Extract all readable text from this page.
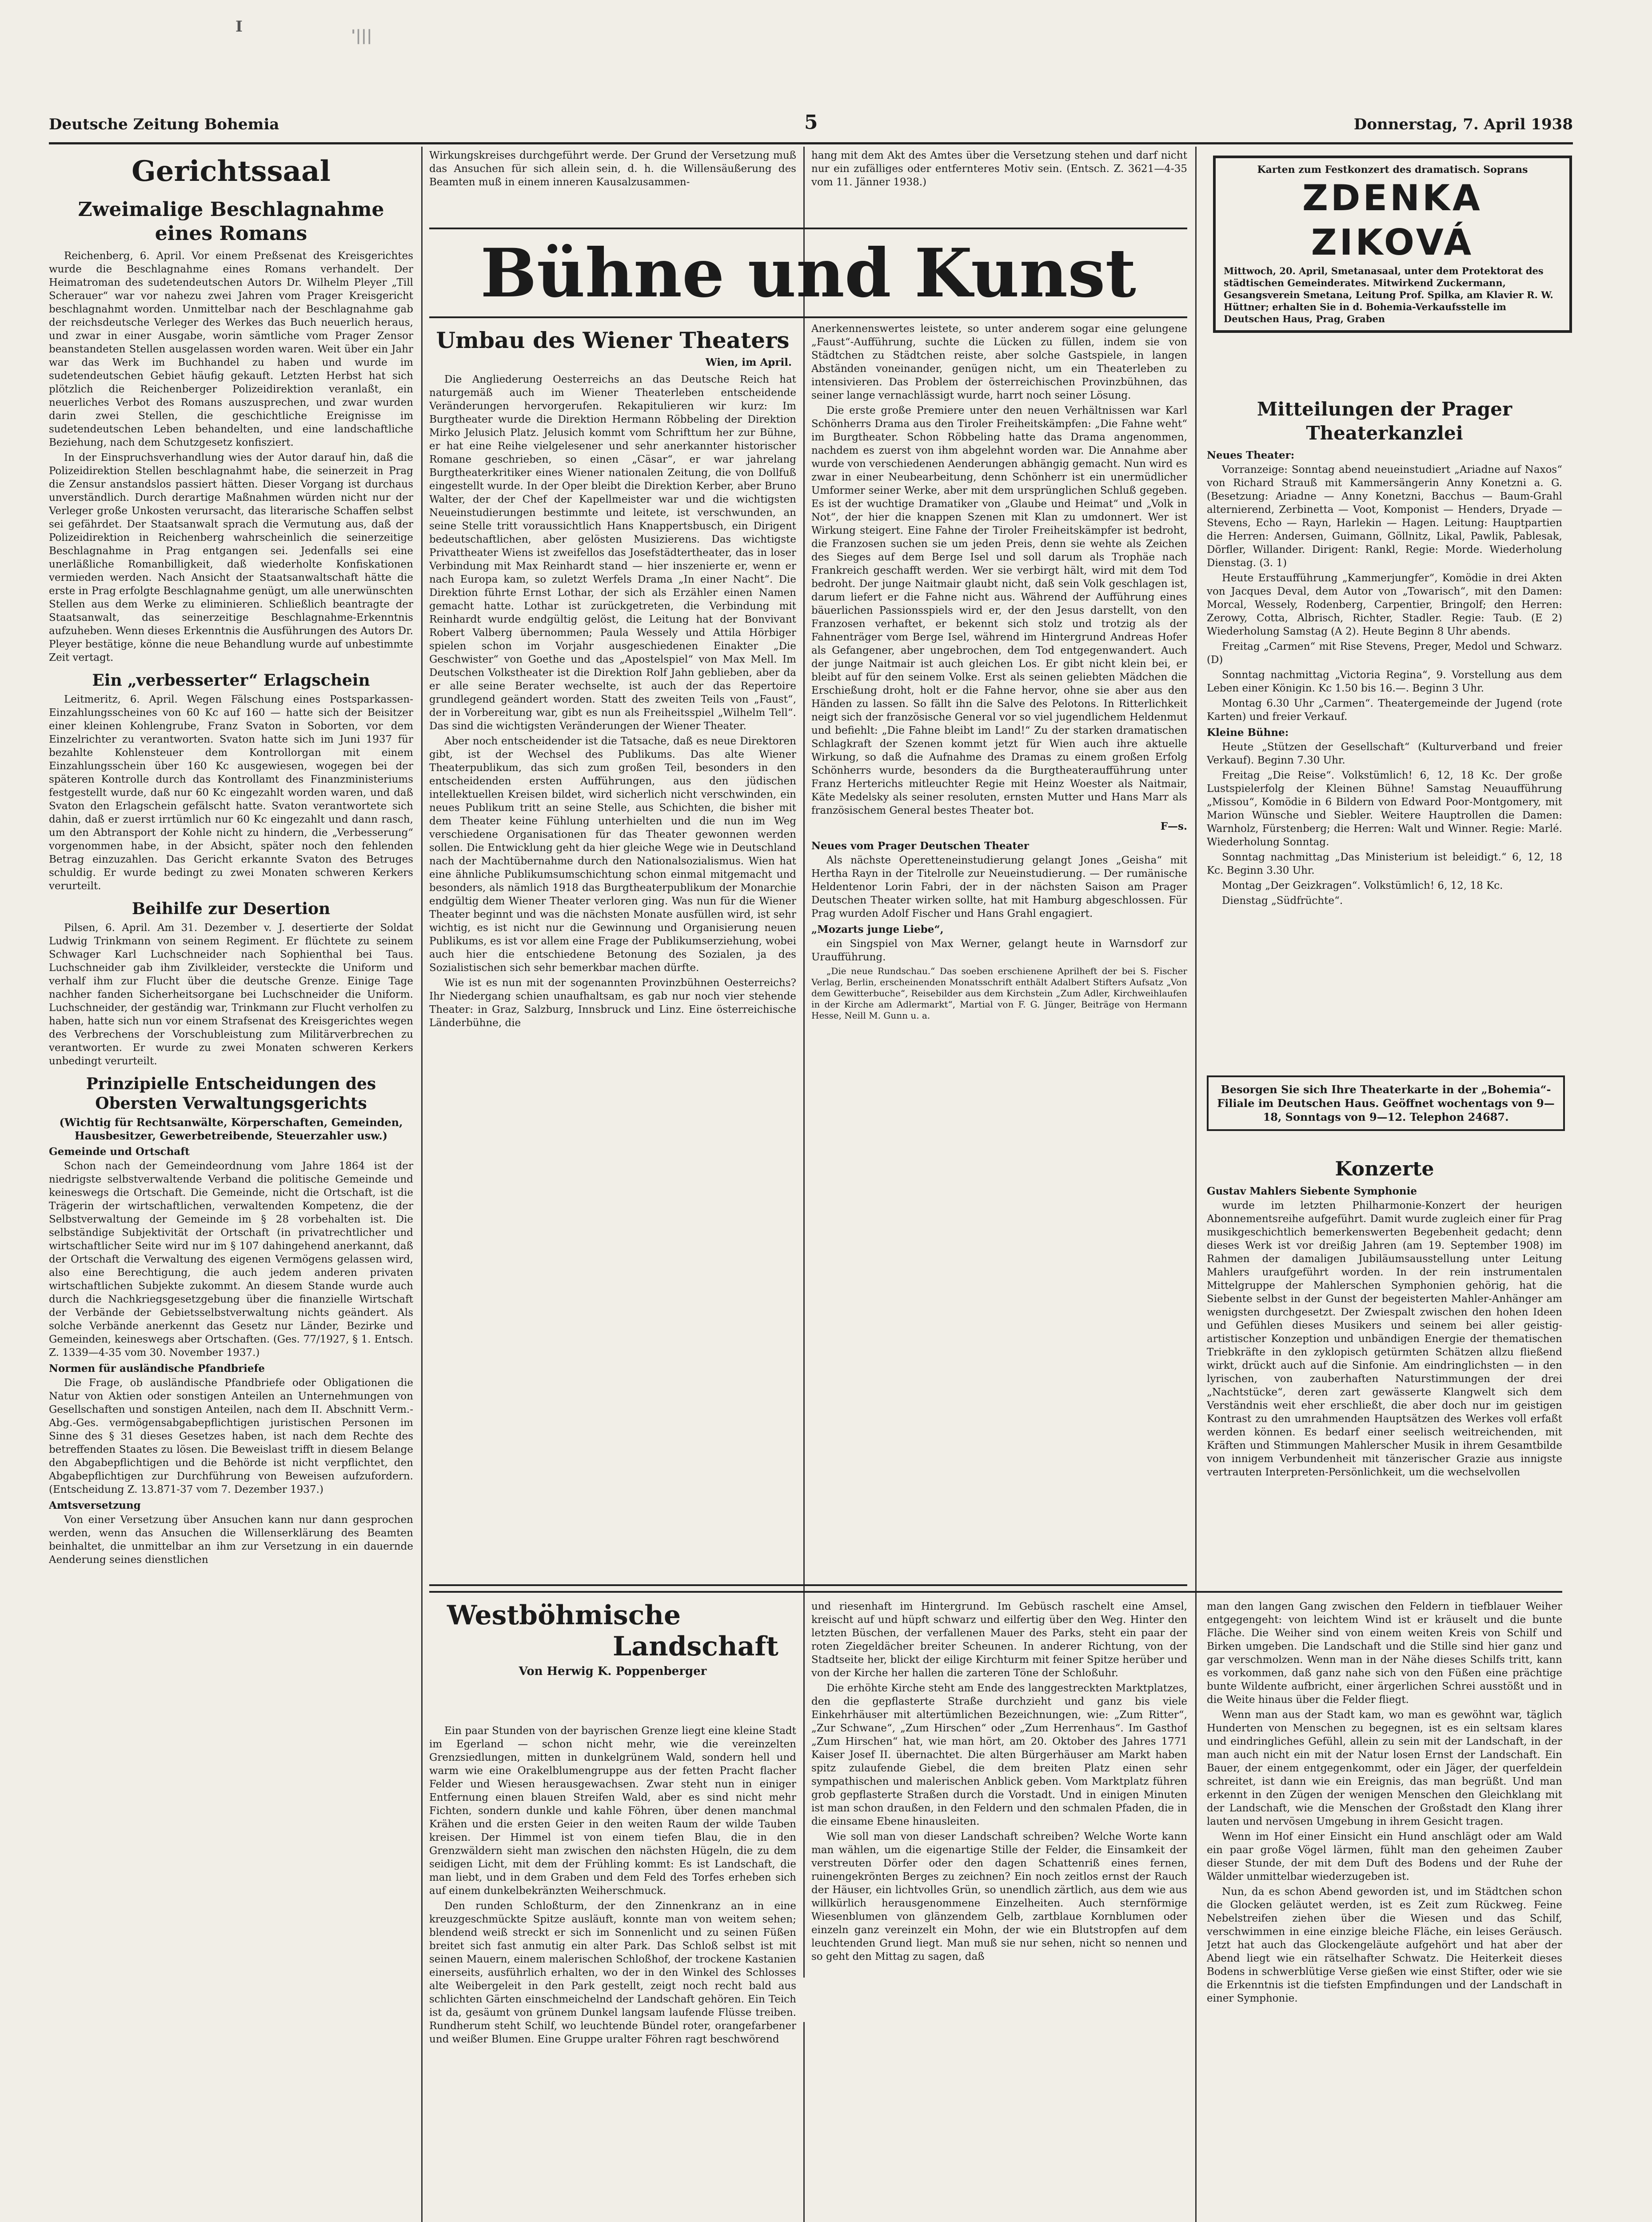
I	'|||
Deutsche Zeitung Bohemia	5	Donnerstag, 7. April 1938
Gerichtssaal
Zweimalige Beschlagnahme eines Romans

Reichenberg, 6. April. Vor einem Preßsenat des Kreisgerichtes wurde die Beschlagnahme eines Romans verhandelt. Der Heimatroman des sudetendeutschen Autors Dr. Wilhelm Pleyer „Till Scherauer“ war vor nahezu zwei Jahren vom Prager Kreisgericht beschlagnahmt worden. Unmittelbar nach der Beschlagnahme gab der reichsdeutsche Verleger des Werkes das Buch neuerlich heraus, und zwar in einer Ausgabe, worin sämtliche vom Prager Zensor beanstandeten Stellen ausgelassen worden waren. Weit über ein Jahr war das Werk im Buchhandel zu haben und wurde im sudetendeutschen Gebiet häufig gekauft. Letzten Herbst hat sich plötzlich die Reichenberger Polizeidirektion veranlaßt, ein neuerliches Verbot des Romans auszusprechen, und zwar wurden darin zwei Stellen, die geschichtliche Ereignisse im sudetendeutschen Leben behandelten, und eine landschaftliche Beziehung, nach dem Schutzgesetz konfisziert.

In der Einspruchsverhandlung wies der Autor darauf hin, daß die Polizeidirektion Stellen beschlagnahmt habe, die seinerzeit in Prag die Zensur anstandslos passiert hätten. Dieser Vorgang ist durchaus unverständlich. Durch derartige Maßnahmen würden nicht nur der Verleger große Unkosten verursacht, das literarische Schaffen selbst sei gefährdet. Der Staatsanwalt sprach die Vermutung aus, daß der Polizeidirektion in Reichenberg wahrscheinlich die seinerzeitige Beschlagnahme in Prag entgangen sei. Jedenfalls sei eine unerläßliche Romanbilligkeit, daß wiederholte Konfiskationen vermieden werden. Nach Ansicht der Staatsanwaltschaft hätte die erste in Prag erfolgte Beschlagnahme genügt, um alle unerwünschten Stellen aus dem Werke zu eliminieren. Schließlich beantragte der Staatsanwalt, das seinerzeitige Beschlagnahme-Erkenntnis aufzuheben. Wenn dieses Erkenntnis die Ausführungen des Autors Dr. Pleyer bestätige, könne die neue Behandlung wurde auf unbestimmte Zeit vertagt.

Ein „verbesserter“ Erlagschein

Leitmeritz, 6. April. Wegen Fälschung eines Postsparkassen-Einzahlungsscheines von 60 Kc auf 160 — hatte sich der Beisitzer einer kleinen Kohlengrube, Franz Svaton in Soborten, vor dem Einzelrichter zu verantworten. Svaton hatte sich im Juni 1937 für bezahlte Kohlensteuer dem Kontrollorgan mit einem Einzahlungsschein über 160 Kc ausgewiesen, wogegen bei der späteren Kontrolle durch das Kontrollamt des Finanzministeriums festgestellt wurde, daß nur 60 Kc eingezahlt worden waren, und daß Svaton den Erlagschein gefälscht hatte. Svaton verantwortete sich dahin, daß er zuerst irrtümlich nur 60 Kc eingezahlt und dann rasch, um den Abtransport der Kohle nicht zu hindern, die „Verbesserung“ vorgenommen habe, in der Absicht, später noch den fehlenden Betrag einzuzahlen. Das Gericht erkannte Svaton des Betruges schuldig. Er wurde bedingt zu zwei Monaten schweren Kerkers verurteilt.

Beihilfe zur Desertion

Pilsen, 6. April. Am 31. Dezember v. J. desertierte der Soldat Ludwig Trinkmann von seinem Regiment. Er flüchtete zu seinem Schwager Karl Luchschneider nach Sophienthal bei Taus. Luchschneider gab ihm Zivilkleider, versteckte die Uniform und verhalf ihm zur Flucht über die deutsche Grenze. Einige Tage nachher fanden Sicherheitsorgane bei Luchschneider die Uniform. Luchschneider, der geständig war, Trinkmann zur Flucht verholfen zu haben, hatte sich nun vor einem Strafsenat des Kreisgerichtes wegen des Verbrechens der Vorschubleistung zum Militärverbrechen zu verantworten. Er wurde zu zwei Monaten schweren Kerkers unbedingt verurteilt.

Prinzipielle Entscheidungen des Obersten Verwaltungsgerichts
(Wichtig für Rechtsanwälte, Körperschaften, Gemeinden, Hausbesitzer, Gewerbetreibende, Steuerzahler usw.)
Gemeinde und Ortschaft

Schon nach der Gemeindeordnung vom Jahre 1864 ist der niedrigste selbstverwaltende Verband die politische Gemeinde und keineswegs die Ortschaft. Die Gemeinde, nicht die Ortschaft, ist die Trägerin der wirtschaftlichen, verwaltenden Kompetenz, die der Selbstverwaltung der Gemeinde im § 28 vorbehalten ist. Die selbständige Subjektivität der Ortschaft (in privatrechtlicher und wirtschaftlicher Seite wird nur im § 107 dahingehend anerkannt, daß der Ortschaft die Verwaltung des eigenen Vermögens gelassen wird, also eine Berechtigung, die auch jedem anderen privaten wirtschaftlichen Subjekte zukommt. An diesem Stande wurde auch durch die Nachkriegsgesetzgebung über die finanzielle Wirtschaft der Verbände der Gebietsselbstverwaltung nichts geändert. Als solche Verbände anerkennt das Gesetz nur Länder, Bezirke und Gemeinden, keineswegs aber Ortschaften. (Ges. 77/1927, § 1. Entsch. Z. 1339—4-35 vom 30. November 1937.)

Normen für ausländische Pfandbriefe

Die Frage, ob ausländische Pfandbriefe oder Obligationen die Natur von Aktien oder sonstigen Anteilen an Unternehmungen von Gesellschaften und sonstigen Anteilen, nach dem II. Abschnitt Verm.-Abg.-Ges. vermögensabgabepflichtigen juristischen Personen im Sinne des § 31 dieses Gesetzes haben, ist nach dem Rechte des betreffenden Staates zu lösen. Die Beweislast trifft in diesem Belange den Abgabepflichtigen und die Behörde ist nicht verpflichtet, den Abgabepflichtigen zur Durchführung von Beweisen aufzufordern. (Entscheidung Z. 13.871-37 vom 7. Dezember 1937.)

Amtsversetzung

Von einer Versetzung über Ansuchen kann nur dann gesprochen werden, wenn das Ansuchen die Willenserklärung des Beamten beinhaltet, die unmittelbar an ihm zur Versetzung in ein dauernde Aenderung seines dienstlichen

Wirkungskreises durchgeführt werde. Der Grund der Versetzung muß das Ansuchen für sich allein sein, d. h. die Willensäußerung des Beamten muß in einem inneren Kausalzusammen-

hang mit dem Akt des Amtes über die Versetzung stehen und darf nicht nur ein zufälliges oder entfernteres Motiv sein. (Entsch. Z. 3621—4-35 vom 11. Jänner 1938.)

Bühne und Kunst
Umbau des Wiener Theaters
Wien, im April.

Die Angliederung Oesterreichs an das Deutsche Reich hat naturgemäß auch im Wiener Theaterleben entscheidende Veränderungen hervorgerufen. Rekapitulieren wir kurz: Im Burgtheater wurde die Direktion Hermann Röbbeling der Direktion Mirko Jelusich Platz. Jelusich kommt vom Schrifttum her zur Bühne, er hat eine Reihe vielgelesener und sehr anerkannter historischer Romane geschrieben, so einen „Cäsar“, er war jahrelang Burgtheaterkritiker eines Wiener nationalen Zeitung, die von Dollfuß eingestellt wurde. In der Oper bleibt die Direktion Kerber, aber Bruno Walter, der der Chef der Kapellmeister war und die wichtigsten Neueinstudierungen bestimmte und leitete, ist verschwunden, an seine Stelle tritt voraussichtlich Hans Knappertsbusch, ein Dirigent bedeutschaftlichen, aber gelösten Musizierens. Das wichtigste Privattheater Wiens ist zweifellos das Josefstädtertheater, das in loser Verbindung mit Max Reinhardt stand — hier inszenierte er, wenn er nach Europa kam, so zuletzt Werfels Drama „In einer Nacht“. Die Direktion führte Ernst Lothar, der sich als Erzähler einen Namen gemacht hatte. Lothar ist zurückgetreten, die Verbindung mit Reinhardt wurde endgültig gelöst, die Leitung hat der Bonvivant Robert Valberg übernommen; Paula Wessely und Attila Hörbiger spielen schon im Vorjahr ausgeschiedenen Einakter „Die Geschwister“ von Goethe und das „Apostelspiel“ von Max Mell. Im Deutschen Volkstheater ist die Direktion Rolf Jahn geblieben, aber da er alle seine Berater wechselte, ist auch der das Repertoire grundlegend geändert worden. Statt des zweiten Teils von „Faust“, der in Vorbereitung war, gibt es nun als Freiheitsspiel „Wilhelm Tell“. Das sind die wichtigsten Veränderungen der Wiener Theater.

Aber noch entscheidender ist die Tatsache, daß es neue Direktoren gibt, ist der Wechsel des Publikums. Das alte Wiener Theaterpublikum, das sich zum großen Teil, besonders in den entscheidenden ersten Aufführungen, aus den jüdischen intellektuellen Kreisen bildet, wird sicherlich nicht verschwinden, ein neues Publikum tritt an seine Stelle, aus Schichten, die bisher mit dem Theater keine Fühlung unterhielten und die nun im Weg verschiedene Organisationen für das Theater gewonnen werden sollen. Die Entwicklung geht da hier gleiche Wege wie in Deutschland nach der Machtübernahme durch den Nationalsozialismus. Wien hat eine ähnliche Publikumsumschichtung schon einmal mitgemacht und besonders, als nämlich 1918 das Burgtheaterpublikum der Monarchie endgültig dem Wiener Theater verloren ging. Was nun für die Wiener Theater beginnt und was die nächsten Monate ausfüllen wird, ist sehr wichtig, es ist nicht nur die Gewinnung und Organisierung neuen Publikums, es ist vor allem eine Frage der Publikumserziehung, wobei auch hier die entschiedene Betonung des Sozialen, ja des Sozialistischen sich sehr bemerkbar machen dürfte.

Wie ist es nun mit der sogenannten Provinzbühnen Oesterreichs? Ihr Niedergang schien unaufhaltsam, es gab nur noch vier stehende Theater: in Graz, Salzburg, Innsbruck und Linz. Eine österreichische Länderbühne, die

Anerkennenswertes leistete, so unter anderem sogar eine gelungene „Faust“-Aufführung, suchte die Lücken zu füllen, indem sie von Städtchen zu Städtchen reiste, aber solche Gastspiele, in langen Abständen voneinander, genügen nicht, um ein Theaterleben zu intensivieren. Das Problem der österreichischen Provinzbühnen, das seiner lange vernachlässigt wurde, harrt noch seiner Lösung.

Die erste große Premiere unter den neuen Verhältnissen war Karl Schönherrs Drama aus den Tiroler Freiheitskämpfen: „Die Fahne weht“ im Burgtheater. Schon Röbbeling hatte das Drama angenommen, nachdem es zuerst von ihm abgelehnt worden war. Die Annahme aber wurde von verschiedenen Aenderungen abhängig gemacht. Nun wird es zwar in einer Neubearbeitung, denn Schönherr ist ein unermüdlicher Umformer seiner Werke, aber mit dem ursprünglichen Schluß gegeben. Es ist der wuchtige Dramatiker von „Glaube und Heimat“ und „Volk in Not“, der hier die knappen Szenen mit Klan zu umdonnert. Wer ist Wirkung steigert. Eine Fahne der Tiroler Freiheitskämpfer ist bedroht, die Franzosen suchen sie um jeden Preis, denn sie wehte als Zeichen des Sieges auf dem Berge Isel und soll darum als Trophäe nach Frankreich geschafft werden. Wer sie verbirgt hält, wird mit dem Tod bedroht. Der junge Naitmair glaubt nicht, daß sein Volk geschlagen ist, darum liefert er die Fahne nicht aus. Während der Aufführung eines bäuerlichen Passionsspiels wird er, der den Jesus darstellt, von den Franzosen verhaftet, er bekennt sich stolz und trotzig als der Fahnenträger vom Berge Isel, während im Hintergrund Andreas Hofer als Gefangener, aber ungebrochen, dem Tod entgegenwandert. Auch der junge Naitmair ist auch gleichen Los. Er gibt nicht klein bei, er bleibt auf für den seinem Volke. Erst als seinen geliebten Mädchen die Erschießung droht, holt er die Fahne hervor, ohne sie aber aus den Händen zu lassen. So fällt ihn die Salve des Pelotons. In Ritterlichkeit neigt sich der französische General vor so viel jugendlichem Heldenmut und befiehlt: „Die Fahne bleibt im Land!“ Zu der starken dramatischen Schlagkraft der Szenen kommt jetzt für Wien auch ihre aktuelle Wirkung, so daß die Aufnahme des Dramas zu einem großen Erfolg Schönherrs wurde, besonders da die Burgtheateraufführung unter Franz Herterichs mitleuchter Regie mit Heinz Woester als Naitmair, Käte Medelsky als seiner resoluten, ernsten Mutter und Hans Marr als französischem General bestes Theater bot.

F—s.
Neues vom Prager Deutschen Theater

Als nächste Operetteneinstudierung gelangt Jones „Geisha“ mit Hertha Rayn in der Titelrolle zur Neueinstudierung. — Der rumänische Heldentenor Lorin Fabri, der in der nächsten Saison am Prager Deutschen Theater wirken sollte, hat mit Hamburg abgeschlossen. Für Prag wurden Adolf Fischer und Hans Grahl engagiert.

„Mozarts junge Liebe“,

ein Singspiel von Max Werner, gelangt heute in Warnsdorf zur Uraufführung.

„Die neue Rundschau.“ Das soeben erschienene Aprilheft der bei S. Fischer Verlag, Berlin, erscheinenden Monatsschrift enthält Adalbert Stifters Aufsatz „Von dem Gewitterbuche“, Reisebilder aus dem Kirchstein „Zum Adler, Kirchweihlaufen in der Kirche am Adlermarkt“, Martial von F. G. Jünger, Beiträge von Hermann Hesse, Neill M. Gunn u. a.

Karten zum Festkonzert des dramatisch. Soprans
ZDENKA ZIKOVÁ
Mittwoch, 20. April, Smetanasaal, unter dem Protektorat des städtischen Gemeinderates. Mitwirkend Zuckermann, Gesangsverein Smetana, Leitung Prof. Spilka, am Klavier R. W. Hüttner; erhalten Sie in d. Bohemia-Verkaufsstelle im Deutschen Haus, Prag, Graben
Mitteilungen der Prager Theaterkanzlei
Neues Theater:

Vorranzeige: Sonntag abend neueinstudiert „Ariadne auf Naxos“ von Richard Strauß mit Kammersängerin Anny Konetzni a. G. (Besetzung: Ariadne — Anny Konetzni, Bacchus — Baum-Grahl alternierend, Zerbinetta — Voot, Komponist — Henders, Dryade — Stevens, Echo — Rayn, Harlekin — Hagen. Leitung: Hauptpartien die Herren: Andersen, Guimann, Göllnitz, Likal, Pawlik, Pablesak, Dörfler, Willander. Dirigent: Rankl, Regie: Morde. Wiederholung Dienstag. (3. 1)

Heute Erstaufführung „Kammerjungfer“, Komödie in drei Akten von Jacques Deval, dem Autor von „Towarisch“, mit den Damen: Morcal, Wessely, Rodenberg, Carpentier, Bringolf; den Herren: Zerowy, Cotta, Albrisch, Richter, Stadler. Regie: Taub. (E 2) Wiederholung Samstag (A 2). Heute Beginn 8 Uhr abends.

Freitag „Carmen“ mit Rise Stevens, Preger, Medol und Schwarz. (D)

Sonntag nachmittag „Victoria Regina“, 9. Vorstellung aus dem Leben einer Königin. Kc 1.50 bis 16.—. Beginn 3 Uhr.

Montag 6.30 Uhr „Carmen“. Theatergemeinde der Jugend (rote Karten) und freier Verkauf.

Kleine Bühne:

Heute „Stützen der Gesellschaft“ (Kulturverband und freier Verkauf). Beginn 7.30 Uhr.

Freitag „Die Reise“. Volkstümlich! 6, 12, 18 Kc. Der große Lustspielerfolg der Kleinen Bühne! Samstag Neuaufführung „Missou“, Komödie in 6 Bildern von Edward Poor-Montgomery, mit Marion Wünsche und Siebler. Weitere Hauptrollen die Damen: Warnholz, Fürstenberg; die Herren: Walt und Winner. Regie: Marlé. Wiederholung Sonntag.

Sonntag nachmittag „Das Ministerium ist beleidigt.“ 6, 12, 18 Kc. Beginn 3.30 Uhr.

Montag „Der Geizkragen“. Volkstümlich! 6, 12, 18 Kc.

Dienstag „Südfrüchte“.

Besorgen Sie sich Ihre Theaterkarte in der „Bohemia“-Filiale im Deutschen Haus. Geöffnet wochentags von 9—18, Sonntags von 9—12. Telephon 24687.
Konzerte
Gustav Mahlers Siebente Symphonie

wurde im letzten Philharmonie-Konzert der heurigen Abonnementsreihe aufgeführt. Damit wurde zugleich einer für Prag musikgeschichtlich bemerkenswerten Begebenheit gedacht; denn dieses Werk ist vor dreißig Jahren (am 19. September 1908) im Rahmen der damaligen Jubiläumsausstellung unter Leitung Mahlers uraufgeführt worden. In der rein instrumentalen Mittelgruppe der Mahlerschen Symphonien gehörig, hat die Siebente selbst in der Gunst der begeisterten Mahler-Anhänger am wenigsten durchgesetzt. Der Zwiespalt zwischen den hohen Ideen und Gefühlen dieses Musikers und seinem bei aller geistig-artistischer Konzeption und unbändigen Energie der thematischen Triebkräfte in den zyklopisch getürmten Schätzen allzu fließend wirkt, drückt auch auf die Sinfonie. Am eindringlichsten — in den lyrischen, von zauberhaften Naturstimmungen der drei „Nachtstücke“, deren zart gewässerte Klangwelt sich dem Verständnis weit eher erschließt, die aber doch nur im geistigen Kontrast zu den umrahmenden Hauptsätzen des Werkes voll erfaßt werden können. Es bedarf einer seelisch weitreichenden, mit Kräften und Stimmungen Mahlerscher Musik in ihrem Gesamtbilde von innigem Verbundenheit mit tänzerischer Grazie aus innigste vertrauten Interpreten-Persönlichkeit, um die wechselvollen

Westböhmische
Landschaft
Von Herwig K. Poppenberger

Ein paar Stunden von der bayrischen Grenze liegt eine kleine Stadt im Egerland — schon nicht mehr, wie die vereinzelten Grenzsiedlungen, mitten in dunkelgrünem Wald, sondern hell und warm wie eine Orakelblumengruppe aus der fetten Pracht flacher Felder und Wiesen herausgewachsen. Zwar steht nun in einiger Entfernung einen blauen Streifen Wald, aber es sind nicht mehr Fichten, sondern dunkle und kahle Föhren, über denen manchmal Krähen und die ersten Geier in den weiten Raum der wilde Tauben kreisen. Der Himmel ist von einem tiefen Blau, die in den Grenzwäldern sieht man zwischen den nächsten Hügeln, die zu dem seidigen Licht, mit dem der Frühling kommt: Es ist Landschaft, die man liebt, und in dem Graben und dem Feld des Torfes erheben sich auf einem dunkelbekränzten Weiherschmuck.

Den runden Schloßturm, der den Zinnenkranz an in eine kreuzgeschmückte Spitze ausläuft, konnte man von weitem sehen; blendend weiß streckt er sich im Sonnenlicht und zu seinen Füßen breitet sich fast anmutig ein alter Park. Das Schloß selbst ist mit seinen Mauern, einem malerischen Schloßhof, der trockene Kastanien einerseits, ausführlich erhalten, wo der in den Winkel des Schlosses alte Weibergeleit in den Park gestellt, zeigt noch recht bald aus schlichten Gärten einschmeichelnd der Landschaft gehören. Ein Teich ist da, gesäumt von grünem Dunkel langsam laufende Flüsse treiben. Rundherum steht Schilf, wo leuchtende Bündel roter, orangefarbener und weißer Blumen. Eine Gruppe uralter Föhren ragt beschwörend

und riesenhaft im Hintergrund. Im Gebüsch raschelt eine Amsel, kreischt auf und hüpft schwarz und eilfertig über den Weg. Hinter den letzten Büschen, der verfallenen Mauer des Parks, steht ein paar der roten Ziegeldächer breiter Scheunen. In anderer Richtung, von der Stadtseite her, blickt der eilige Kirchturm mit feiner Spitze herüber und von der Kirche her hallen die zarteren Töne der Schloßuhr.

Die erhöhte Kirche steht am Ende des langgestreckten Marktplatzes, den die gepflasterte Straße durchzieht und ganz bis viele Einkehrhäuser mit altertümlichen Bezeichnungen, wie: „Zum Ritter“, „Zur Schwane“, „Zum Hirschen“ oder „Zum Herrenhaus“. Im Gasthof „Zum Hirschen“ hat, wie man hört, am 20. Oktober des Jahres 1771 Kaiser Josef II. übernachtet. Die alten Bürgerhäuser am Markt haben spitz zulaufende Giebel, die dem breiten Platz einen sehr sympathischen und malerischen Anblick geben. Vom Marktplatz führen grob gepflasterte Straßen durch die Vorstadt. Und in einigen Minuten ist man schon draußen, in den Feldern und den schmalen Pfaden, die in die einsame Ebene hinausleiten.

Wie soll man von dieser Landschaft schreiben? Welche Worte kann man wählen, um die eigenartige Stille der Felder, die Einsamkeit der verstreuten Dörfer oder den dagen Schattenriß eines fernen, ruinengekrönten Berges zu zeichnen? Ein noch zeitlos ernst der Rauch der Häuser, ein lichtvolles Grün, so unendlich zärtlich, aus dem wie aus willkürlich herausgenommene Einzelheiten. Auch sternförmige Wiesenblumen von glänzendem Gelb, zartblaue Kornblumen oder einzeln ganz vereinzelt ein Mohn, der wie ein Blutstropfen auf dem leuchtenden Grund liegt. Man muß sie nur sehen, nicht so nennen und so geht den Mittag zu sagen, daß

man den langen Gang zwischen den Feldern in tiefblauer Weiher entgegengeht: von leichtem Wind ist er kräuselt und die bunte Fläche. Die Weiher sind von einem weiten Kreis von Schilf und Birken umgeben. Die Landschaft und die Stille sind hier ganz und gar verschmolzen. Wenn man in der Nähe dieses Schilfs tritt, kann es vorkommen, daß ganz nahe sich von den Füßen eine prächtige bunte Wildente aufbricht, einer ärgerlichen Schrei ausstößt und in die Weite hinaus über die Felder fliegt.

Wenn man aus der Stadt kam, wo man es gewöhnt war, täglich Hunderten von Menschen zu begegnen, ist es ein seltsam klares und eindringliches Gefühl, allein zu sein mit der Landschaft, in der man auch nicht ein mit der Natur losen Ernst der Landschaft. Ein Bauer, der einem entgegenkommt, oder ein Jäger, der querfeldein schreitet, ist dann wie ein Ereignis, das man begrüßt. Und man erkennt in den Zügen der wenigen Menschen den Gleichklang mit der Landschaft, wie die Menschen der Großstadt den Klang ihrer lauten und nervösen Umgebung in ihrem Gesicht tragen.

Wenn im Hof einer Einsicht ein Hund anschlägt oder am Wald ein paar große Vögel lärmen, fühlt man den geheimen Zauber dieser Stunde, der mit dem Duft des Bodens und der Ruhe der Wälder unmittelbar wiederzugeben ist.

Nun, da es schon Abend geworden ist, und im Städtchen schon die Glocken geläutet werden, ist es Zeit zum Rückweg. Feine Nebelstreifen ziehen über die Wiesen und das Schilf, verschwimmen in eine einzige bleiche Fläche, ein leises Geräusch. Jetzt hat auch das Glockengeläute aufgehört und hat aber der Abend liegt wie ein rätselhafter Schwatz. Die Heiterkeit dieses Bodens in schwerblütige Verse gießen wie einst Stifter, oder wie sie die Erkenntnis ist die tiefsten Empfindungen und der Landschaft in einer Symphonie.
